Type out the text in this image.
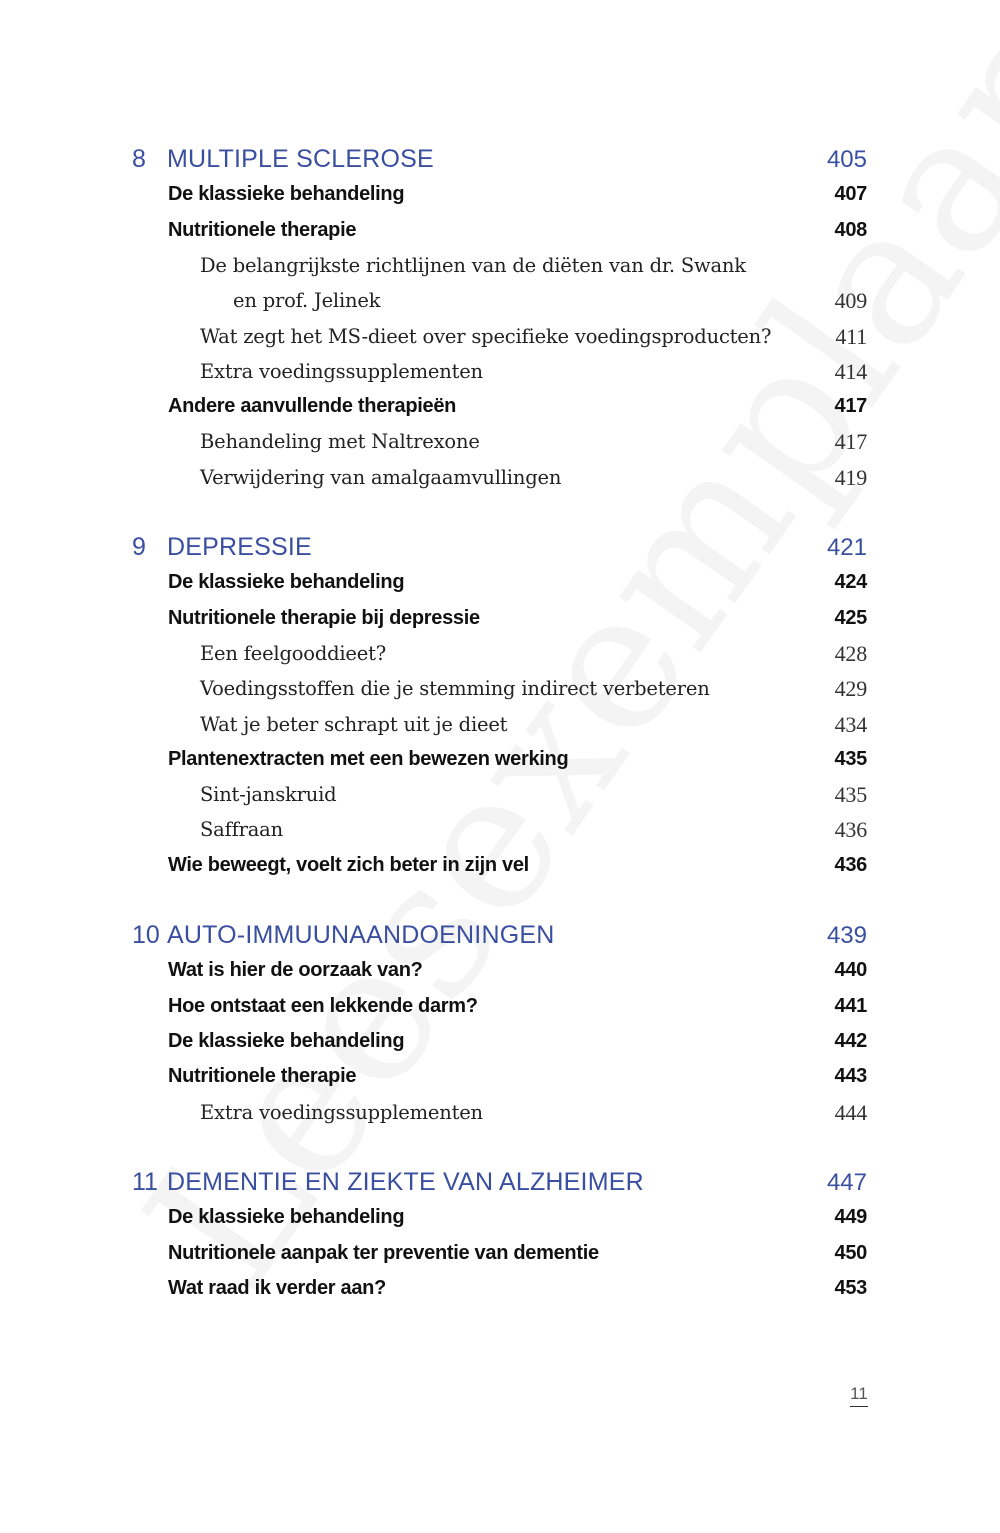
8 MULTIPLE SCLEROSE	405
De klassieke behandeling	407
Nutritionele therapie	408
De belangrijkste richtlijnen van de diëten van dr. Swank
en prof. Jelinek	409
Wat zegt het MS-dieet over specifieke voedingsproducten?	411
Extra voedingssupplementen	414
Andere aanvullende therapieën	417
Behandeling met Naltrexone	417
Verwijdering van amalgaamvullingen	419
9 DEPRESSIE	421
De klassieke behandeling	424
Nutritionele therapie bij depressie	425
Een feelgooddieet?	428
Voedingsstoffen die je stemming indirect verbeteren	429
Wat je beter schrapt uit je dieet	434
Plantenextracten met een bewezen werking	435
Sint-janskruid	435
Saffraan	436
Wie beweegt, voelt zich beter in zijn vel	436
10 AUTO-IMMUUNAANDOENINGEN	439
Wat is hier de oorzaak van?	440
Hoe ontstaat een lekkende darm?	441
De klassieke behandeling	442
Nutritionele therapie	443
Extra voedingssupplementen	444
11 DEMENTIE EN ZIEKTE VAN ALZHEIMER	447
De klassieke behandeling	449
Nutritionele aanpak ter preventie van dementie	450
Wat raad ik verder aan?	453
11
